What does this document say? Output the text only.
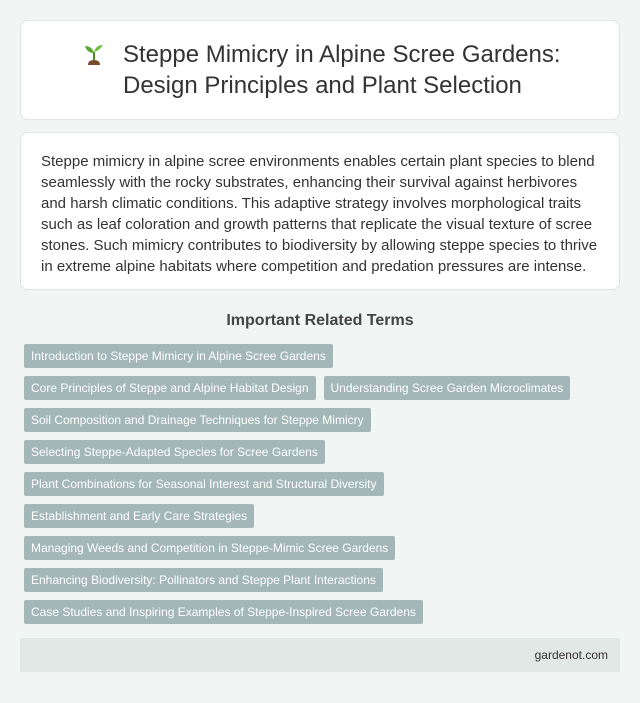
Steppe Mimicry in Alpine Scree Gardens: Design Principles and Plant Selection

Steppe mimicry in alpine scree environments enables certain plant species to blend seamlessly with the rocky substrates, enhancing their survival against herbivores and harsh climatic conditions. This adaptive strategy involves morphological traits such as leaf coloration and growth patterns that replicate the visual texture of scree stones. Such mimicry contributes to biodiversity by allowing steppe species to thrive in extreme alpine habitats where competition and predation pressures are intense.

Important Related Terms
Introduction to Steppe Mimicry in Alpine Scree Gardens
Core Principles of Steppe and Alpine Habitat Design	Understanding Scree Garden Microclimates
Soil Composition and Drainage Techniques for Steppe Mimicry
Selecting Steppe-Adapted Species for Scree Gardens
Plant Combinations for Seasonal Interest and Structural Diversity
Establishment and Early Care Strategies
Managing Weeds and Competition in Steppe-Mimic Scree Gardens
Enhancing Biodiversity: Pollinators and Steppe Plant Interactions
Case Studies and Inspiring Examples of Steppe-Inspired Scree Gardens
gardenot.com
